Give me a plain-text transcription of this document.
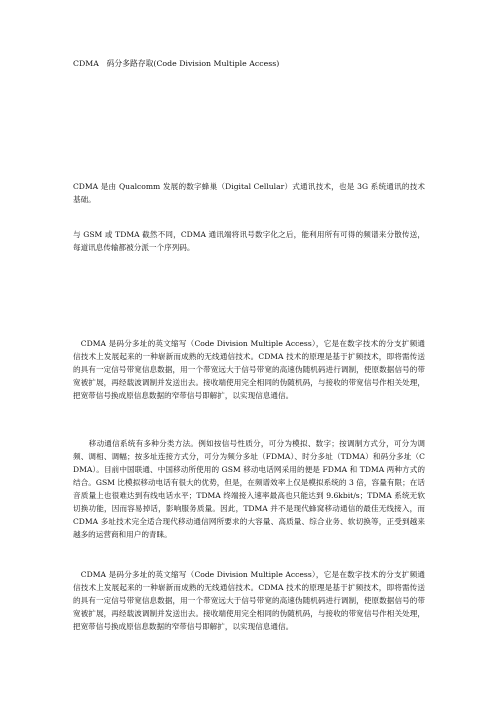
CDMA　码分多路存取(Code Division Multiple Access)

CDMA 是由 Qualcomm 发展的数字蜂巢（Digital Cellular）式通讯技术，也是 3G 系统通讯的技术基础。

与 GSM 或 TDMA 截然不同，CDMA 通讯端将讯号数字化之后，能利用所有可得的频谱来分散传送，每道讯息传输都被分派一个序列码。

　CDMA 是码分多址的英文缩写（Code Division Multiple Access），它是在数字技术的分支扩频通信技术上发展起来的一种崭新而成熟的无线通信技术。CDMA 技术的原理是基于扩频技术，即将需传送的具有一定信号带宽信息数据，用一个带宽远大于信号带宽的高速伪随机码进行调制，使原数据信号的带宽被扩展，再经载波调制并发送出去。接收端使用完全相同的伪随机码，与接收的带宽信号作相关处理，把宽带信号换成原信息数据的窄带信号即解扩，以实现信息通信。

　　移动通信系统有多种分类方法。例如按信号性质分，可分为模拟、数字；按调制方式分，可分为调频、调相、调幅；按多址连接方式分，可分为频分多址（FDMA）、时分多址（TDMA）和码分多址（CDMA）。目前中国联通、中国移动所使用的 GSM 移动电话网采用的便是 FDMA 和 TDMA 两种方式的结合。GSM 比模拟移动电话有很大的优势，但是，在频谱效率上仅是模拟系统的 3 倍，容量有限；在话音质量上也很难达到有线电话水平；TDMA 终端接入速率最高也只能达到 9.6kbit/s；TDMA 系统无软切换功能，因而容易掉话，影响服务质量。因此，TDMA 并不是现代蜂窝移动通信的最佳无线接入，而 CDMA 多址技术完全适合现代移动通信网所要求的大容量、高质量、综合业务、软切换等，正受到越来越多的运营商和用户的青睐。

　CDMA 是码分多址的英文缩写（Code Division Multiple Access），它是在数字技术的分支扩频通信技术上发展起来的一种崭新而成熟的无线通信技术。CDMA 技术的原理是基于扩频技术，即将需传送的具有一定信号带宽信息数据，用一个带宽远大于信号带宽的高速伪随机码进行调制，使原数据信号的带宽被扩展，再经载波调制并发送出去。接收端使用完全相同的伪随机码，与接收的带宽信号作相关处理，把宽带信号换成原信息数据的窄带信号即解扩，以实现信息通信。
